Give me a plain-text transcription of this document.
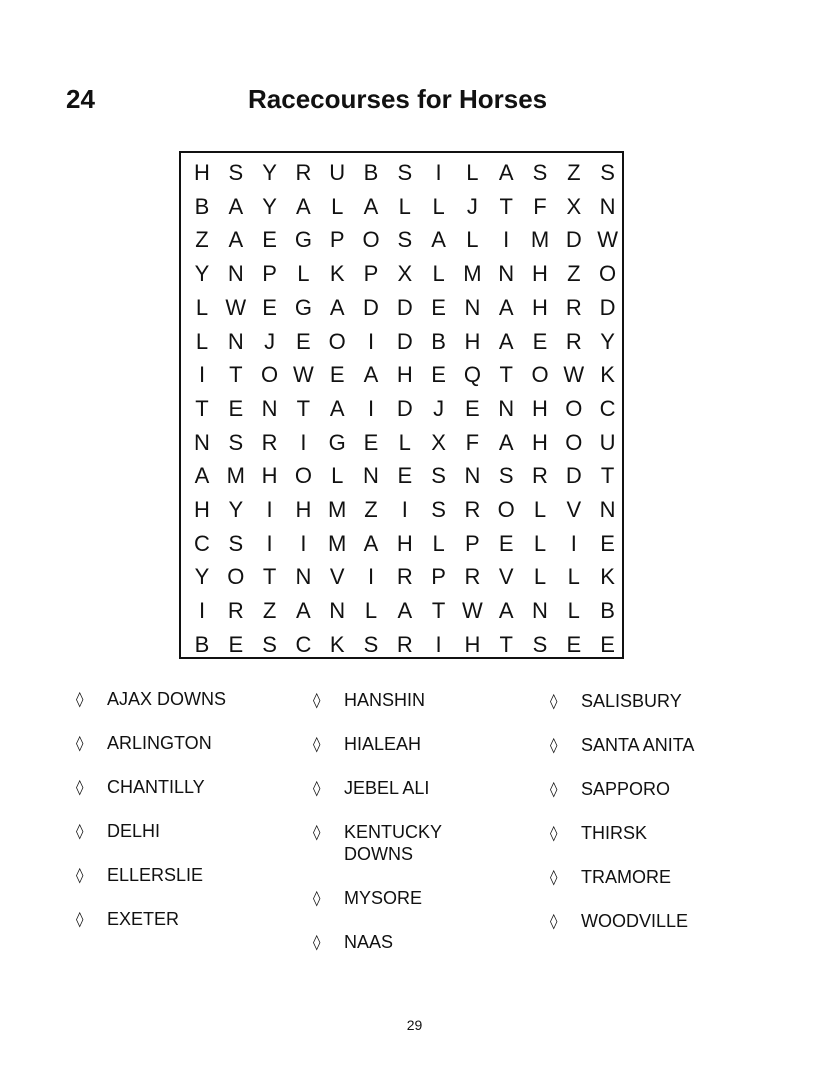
24	Racecourses for Horses
H S Y R U B S	I	L A S Z S
B A Y A L A L L	J T F X N
Z A E G P O S A L	I M D W
Y N P L K P X L M N H Z O
L W E G A D D E N A H R D
L N J E O	I	D B H A E R Y
I	T O W E A H E Q T O W K
T E N T A	I	D J E N H O C
N S R	I	G E L X F A H O U
A M H O L N E S N S R D T
H Y	I	H M Z	I	S R O L V N
C S	I	I M A H L P E L	I	E
Y O T N V	I	R P R V L L K
I	R Z A N L A T W A N L B
B E S C K S R	I	H T S E E
◊ AJAX DOWNS
◊ ARLINGTON
◊ CHANTILLY
◊ DELHI
◊ ELLERSLIE
◊ EXETER
◊ HANSHIN
◊ HIALEAH
◊ JEBEL ALI
◊ KENTUCKY
DOWNS
◊ MYSORE
◊ NAAS
◊ SALISBURY
◊ SANTA ANITA
◊ SAPPORO
◊ THIRSK
◊ TRAMORE
◊ WOODVILLE
29
